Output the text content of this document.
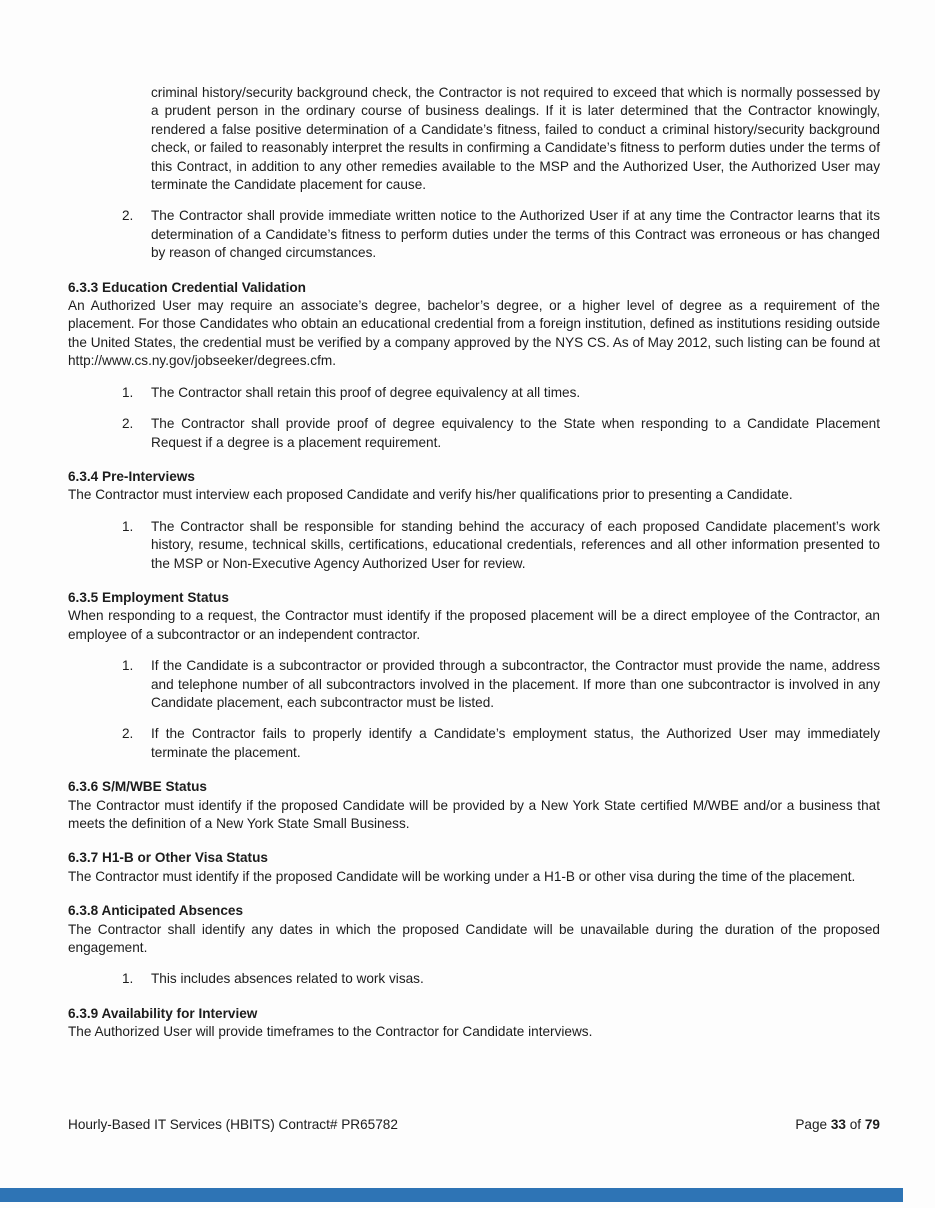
criminal history/security background check, the Contractor is not required to exceed that which is normally possessed by a prudent person in the ordinary course of business dealings. If it is later determined that the Contractor knowingly, rendered a false positive determination of a Candidate’s fitness, failed to conduct a criminal history/security background check, or failed to reasonably interpret the results in confirming a Candidate’s fitness to perform duties under the terms of this Contract, in addition to any other remedies available to the MSP and the Authorized User, the Authorized User may terminate the Candidate placement for cause.
2. The Contractor shall provide immediate written notice to the Authorized User if at any time the Contractor learns that its determination of a Candidate’s fitness to perform duties under the terms of this Contract was erroneous or has changed by reason of changed circumstances.
6.3.3 Education Credential Validation
An Authorized User may require an associate’s degree, bachelor’s degree, or a higher level of degree as a requirement of the placement. For those Candidates who obtain an educational credential from a foreign institution, defined as institutions residing outside the United States, the credential must be verified by a company approved by the NYS CS. As of May 2012, such listing can be found at http://www.cs.ny.gov/jobseeker/degrees.cfm.
1. The Contractor shall retain this proof of degree equivalency at all times.
2. The Contractor shall provide proof of degree equivalency to the State when responding to a Candidate Placement Request if a degree is a placement requirement.
6.3.4 Pre-Interviews
The Contractor must interview each proposed Candidate and verify his/her qualifications prior to presenting a Candidate.
1. The Contractor shall be responsible for standing behind the accuracy of each proposed Candidate placement’s work history, resume, technical skills, certifications, educational credentials, references and all other information presented to the MSP or Non-Executive Agency Authorized User for review.
6.3.5 Employment Status
When responding to a request, the Contractor must identify if the proposed placement will be a direct employee of the Contractor, an employee of a subcontractor or an independent contractor.
1. If the Candidate is a subcontractor or provided through a subcontractor, the Contractor must provide the name, address and telephone number of all subcontractors involved in the placement. If more than one subcontractor is involved in any Candidate placement, each subcontractor must be listed.
2. If the Contractor fails to properly identify a Candidate’s employment status, the Authorized User may immediately terminate the placement.
6.3.6 S/M/WBE Status
The Contractor must identify if the proposed Candidate will be provided by a New York State certified M/WBE and/or a business that meets the definition of a New York State Small Business.
6.3.7 H1-B or Other Visa Status
The Contractor must identify if the proposed Candidate will be working under a H1-B or other visa during the time of the placement.
6.3.8 Anticipated Absences
The Contractor shall identify any dates in which the proposed Candidate will be unavailable during the duration of the proposed engagement.
1. This includes absences related to work visas.
6.3.9 Availability for Interview
The Authorized User will provide timeframes to the Contractor for Candidate interviews.
Hourly-Based IT Services (HBITS) Contract# PR65782	Page 33 of 79
